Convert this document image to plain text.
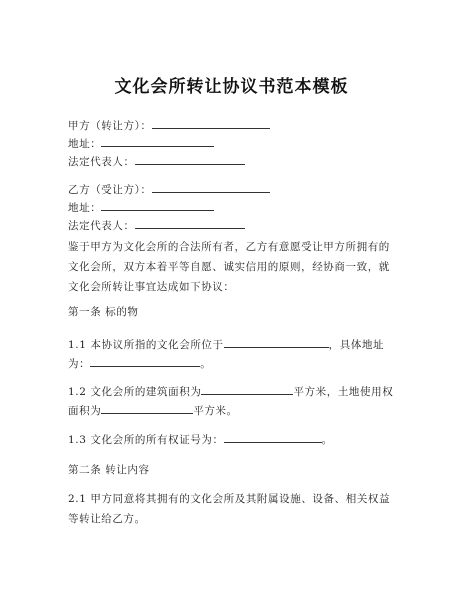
文化会所转让协议书范本模板
甲方（转让方）：
地址：
法定代表人：
乙方（受让方）：
地址：
法定代表人：
鉴于甲方为文化会所的合法所有者，乙方有意愿受让甲方所拥有的文化会所，双方本着平等自愿、诚实信用的原则，经协商一致，就文化会所转让事宜达成如下协议：
第一条 标的物
1.1 本协议所指的文化会所位于	，具体地址
为：	。
1.2 文化会所的建筑面积为	平方米，土地使用权
面积为	平方米。
1.3 文化会所的所有权证号为：	。
第二条 转让内容
2.1 甲方同意将其拥有的文化会所及其附属设施、设备、相关权益等转让给乙方。
